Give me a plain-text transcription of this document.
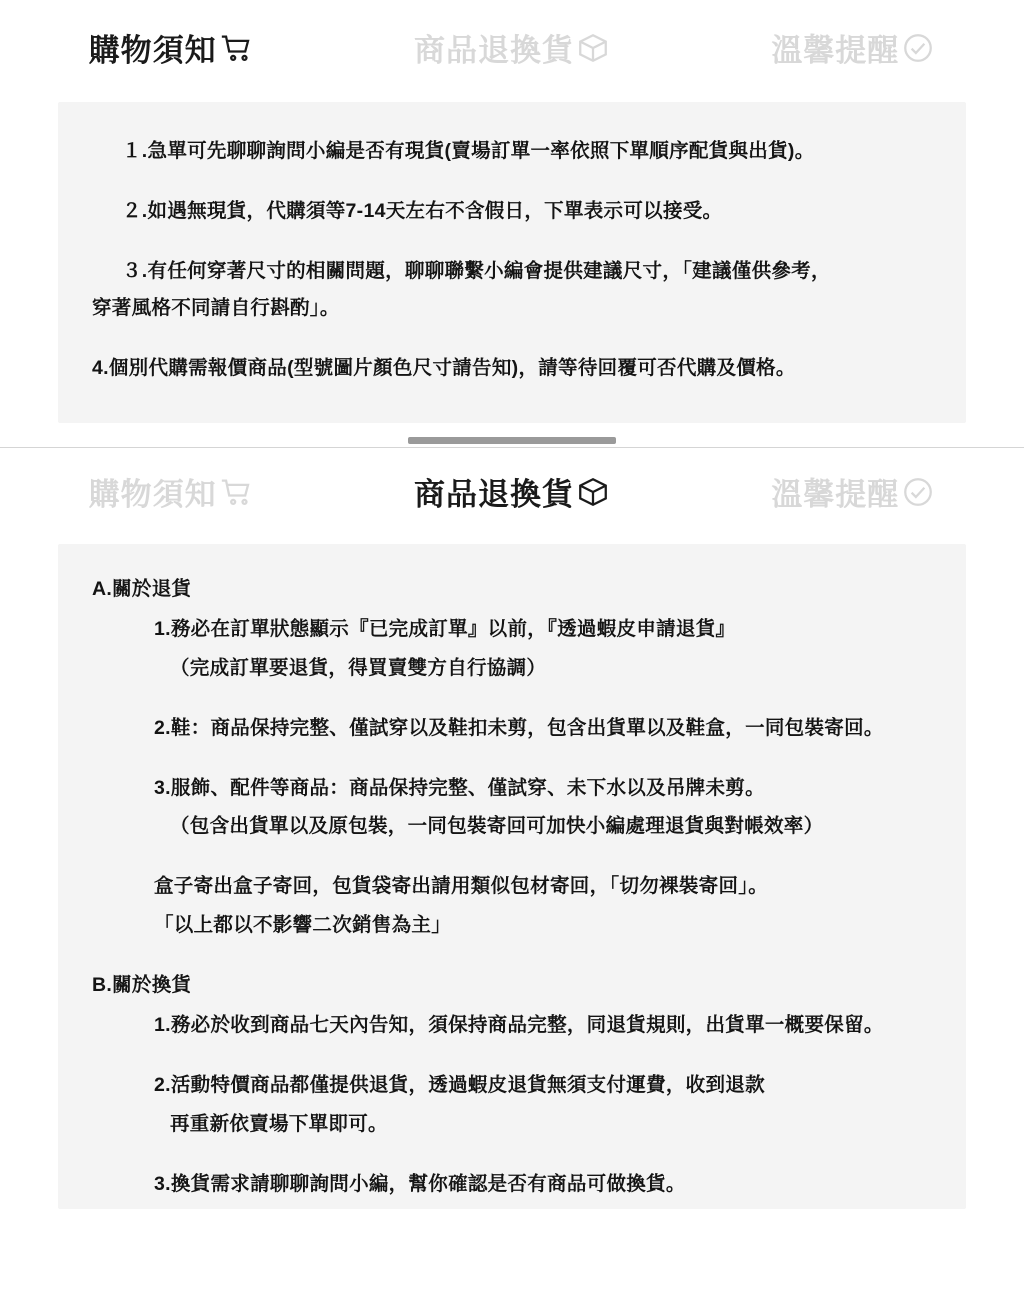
購物須知	商品退換貨	溫馨提醒

１.急單可先聊聊詢問小編是否有現貨(賣場訂單一率依照下單順序配貨與出貨)。

２.如遇無現貨，代購須等7-14天左右不含假日，下單表示可以接受。

３.有任何穿著尺寸的相關問題，聊聊聯繫小編會提供建議尺寸，「建議僅供參考，

穿著風格不同請自行斟酌」。

4.個別代購需報價商品(型號圖片顏色尺寸請告知)，請等待回覆可否代購及價格。

購物須知	商品退換貨	溫馨提醒

A.關於退貨

1.務必在訂單狀態顯示『已完成訂單』以前，『透過蝦皮申請退貨』

（完成訂單要退貨，得買賣雙方自行協調）

2.鞋：商品保持完整、僅試穿以及鞋扣未剪，包含出貨單以及鞋盒，一同包裝寄回。

3.服飾、配件等商品：商品保持完整、僅試穿、未下水以及吊牌未剪。

（包含出貨單以及原包裝，一同包裝寄回可加快小編處理退貨與對帳效率）

盒子寄出盒子寄回，包貨袋寄出請用類似包材寄回，「切勿裸裝寄回」。

「以上都以不影響二次銷售為主」

B.關於換貨

1.務必於收到商品七天內告知，須保持商品完整，同退貨規則，出貨單一概要保留。

2.活動特價商品都僅提供退貨，透過蝦皮退貨無須支付運費，收到退款

再重新依賣場下單即可。

3.換貨需求請聊聊詢問小編，幫你確認是否有商品可做換貨。
